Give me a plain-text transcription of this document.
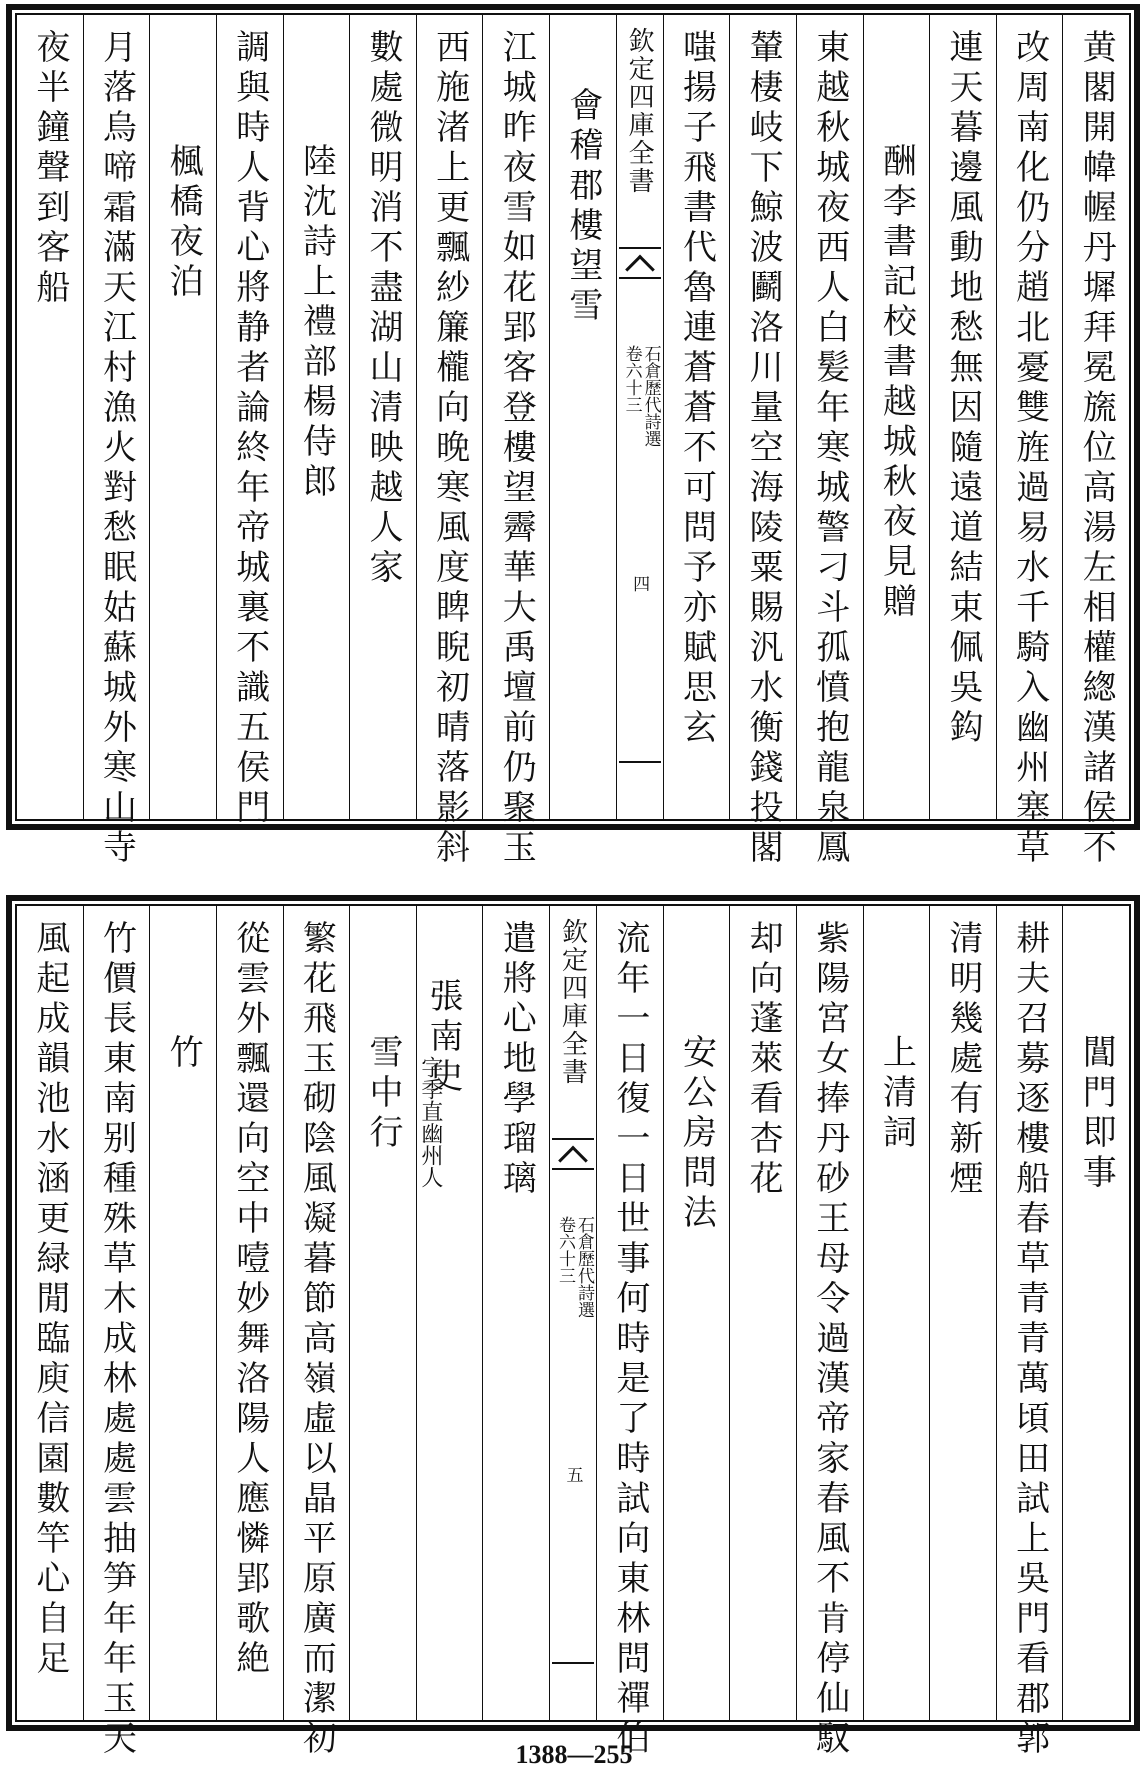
黄閣開幃幄丹墀拜冕旒位高湯左相權緫漢諸侯不
改周南化仍分趙北憂雙旌過易水千騎入幽州塞草
連天暮邊風動地愁無因隨遠道結束佩吳鈎
酬李書記校書越城秋夜見贈
東越秋城夜西人白髪年寒城警刁斗孤憤抱龍泉鳳
輦棲岐下鯨波鬬洛川量空海陵粟賜汎水衡錢投閣
嗤揚子飛書代魯連蒼蒼不可問予亦賦思玄
欽定四庫全書
石倉歷代詩選
卷六十三
四
會稽郡樓望雪
江城昨夜雪如花郢客登樓望霽華大禹壇前仍聚玉
西施渚上更飄紗簾櫳向晚寒風度睥睨初晴落影斜
數處微明消不盡湖山清映越人家
陸沈詩上禮部楊侍郎
調與時人背心將静者論終年帝城裏不識五侯門
楓橋夜泊
月落烏啼霜滿天江村漁火對愁眠姑蘇城外寒山寺
夜半鐘聲到客船
閶門即事
耕夫召募逐樓船春草青青萬頃田試上吳門看郡郭
清明幾處有新煙
上清詞
紫陽宮女捧丹砂王母令過漢帝家春風不肯停仙馭
却向蓬萊看杏花
安公房問法
流年一日復一日世事何時是了時試向東林問禪伯
欽定四庫全書
石倉歷代詩選
卷六十三
五
遣將心地學瑠璃
張南史
字季直幽州人
雪中行
繁花飛玉砌陰風凝暮節高嶺虛以晶平原廣而潔初
從雲外飄還向空中噎妙舞洛陽人應憐郢歌絶
竹
竹價長東南别種殊草木成林處處雲抽笋年年玉天
風起成韻池水涵更緑閒臨庾信園數竿心自足
1388—255
